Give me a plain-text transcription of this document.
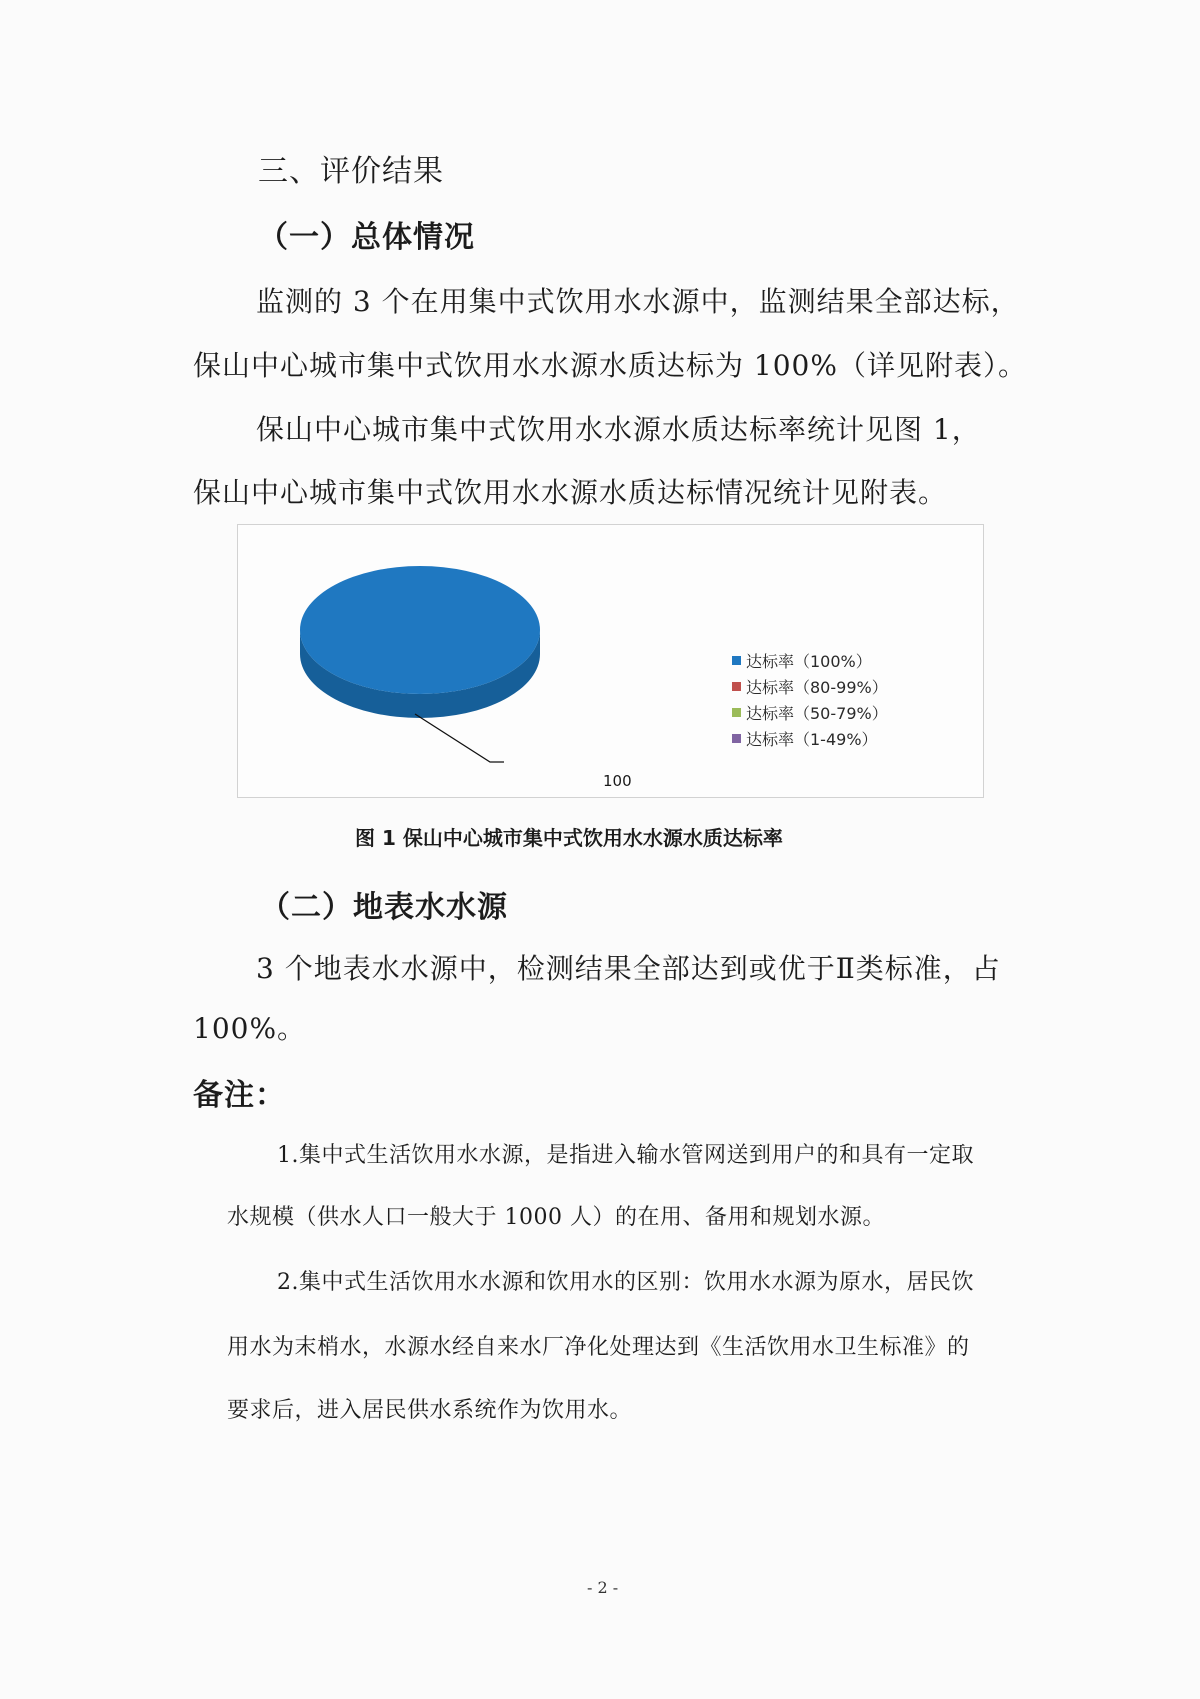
三、评价结果
（一）总体情况
监测的 3 个在用集中式饮用水水源中，监测结果全部达标，
保山中心城市集中式饮用水水源水质达标为 100%（详见附表）。
保山中心城市集中式饮用水水源水质达标率统计见图 1，
保山中心城市集中式饮用水水源水质达标情况统计见附表。
达标率（100%）
达标率（80-99%）
达标率（50-79%）
达标率（1-49%）
100
图 1 保山中心城市集中式饮用水水源水质达标率
（二）地表水水源
3 个地表水水源中，检测结果全部达到或优于Ⅱ类标准，占
100%。
备注：
1.集中式生活饮用水水源，是指进入输水管网送到用户的和具有一定取
水规模（供水人口一般大于 1000 人）的在用、备用和规划水源。
2.集中式生活饮用水水源和饮用水的区别：饮用水水源为原水，居民饮
用水为末梢水，水源水经自来水厂净化处理达到《生活饮用水卫生标准》的
要求后，进入居民供水系统作为饮用水。
- 2 -
